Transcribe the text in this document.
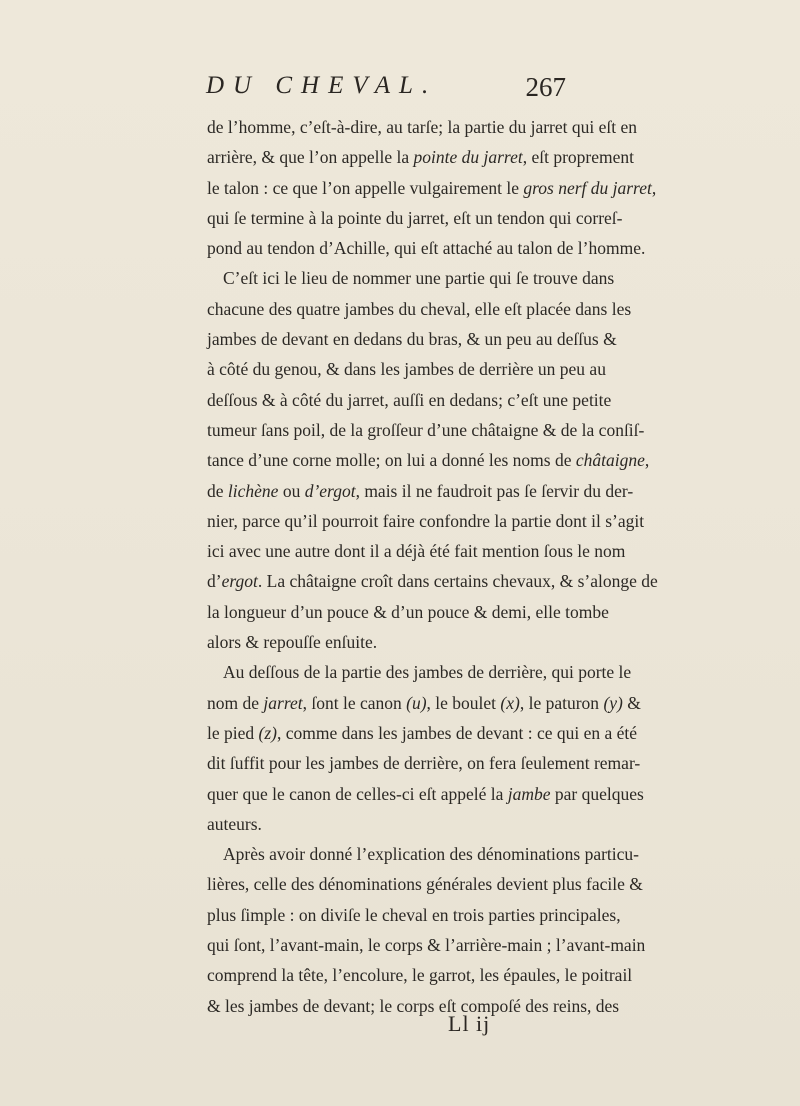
DU CHEVAL.	267
de l’homme, c’eſt-à-dire, au tarſe; la partie du jarret qui eſt en
arrière, & que l’on appelle la pointe du jarret, eſt proprement
le talon : ce que l’on appelle vulgairement le gros nerf du jarret,
qui ſe termine à la pointe du jarret, eſt un tendon qui correſ-
pond au tendon d’Achille, qui eſt attaché au talon de l’homme.
C’eſt ici le lieu de nommer une partie qui ſe trouve dans
chacune des quatre jambes du cheval, elle eſt placée dans les
jambes de devant en dedans du bras, & un peu au deſſus &
à côté du genou, & dans les jambes de derrière un peu au
deſſous & à côté du jarret, auſſi en dedans; c’eſt une petite
tumeur ſans poil, de la groſſeur d’une châtaigne & de la conſiſ-
tance d’une corne molle; on lui a donné les noms de châtaigne,
de lichène ou d’ergot, mais il ne faudroit pas ſe ſervir du der-
nier, parce qu’il pourroit faire confondre la partie dont il s’agit
ici avec une autre dont il a déjà été fait mention ſous le nom
d’ergot. La châtaigne croît dans certains chevaux, & s’alonge de
la longueur d’un pouce & d’un pouce & demi, elle tombe
alors & repouſſe enſuite.
Au deſſous de la partie des jambes de derrière, qui porte le
nom de jarret, ſont le canon (u), le boulet (x), le paturon (y) &
le pied (z), comme dans les jambes de devant : ce qui en a été
dit ſuffit pour les jambes de derrière, on fera ſeulement remar-
quer que le canon de celles-ci eſt appelé la jambe par quelques
auteurs.
Après avoir donné l’explication des dénominations particu-
lières, celle des dénominations générales devient plus facile &
plus ſimple : on diviſe le cheval en trois parties principales,
qui ſont, l’avant-main, le corps & l’arrière-main ; l’avant-main
comprend la tête, l’encolure, le garrot, les épaules, le poitrail
& les jambes de devant; le corps eſt compoſé des reins, des
Ll ij
